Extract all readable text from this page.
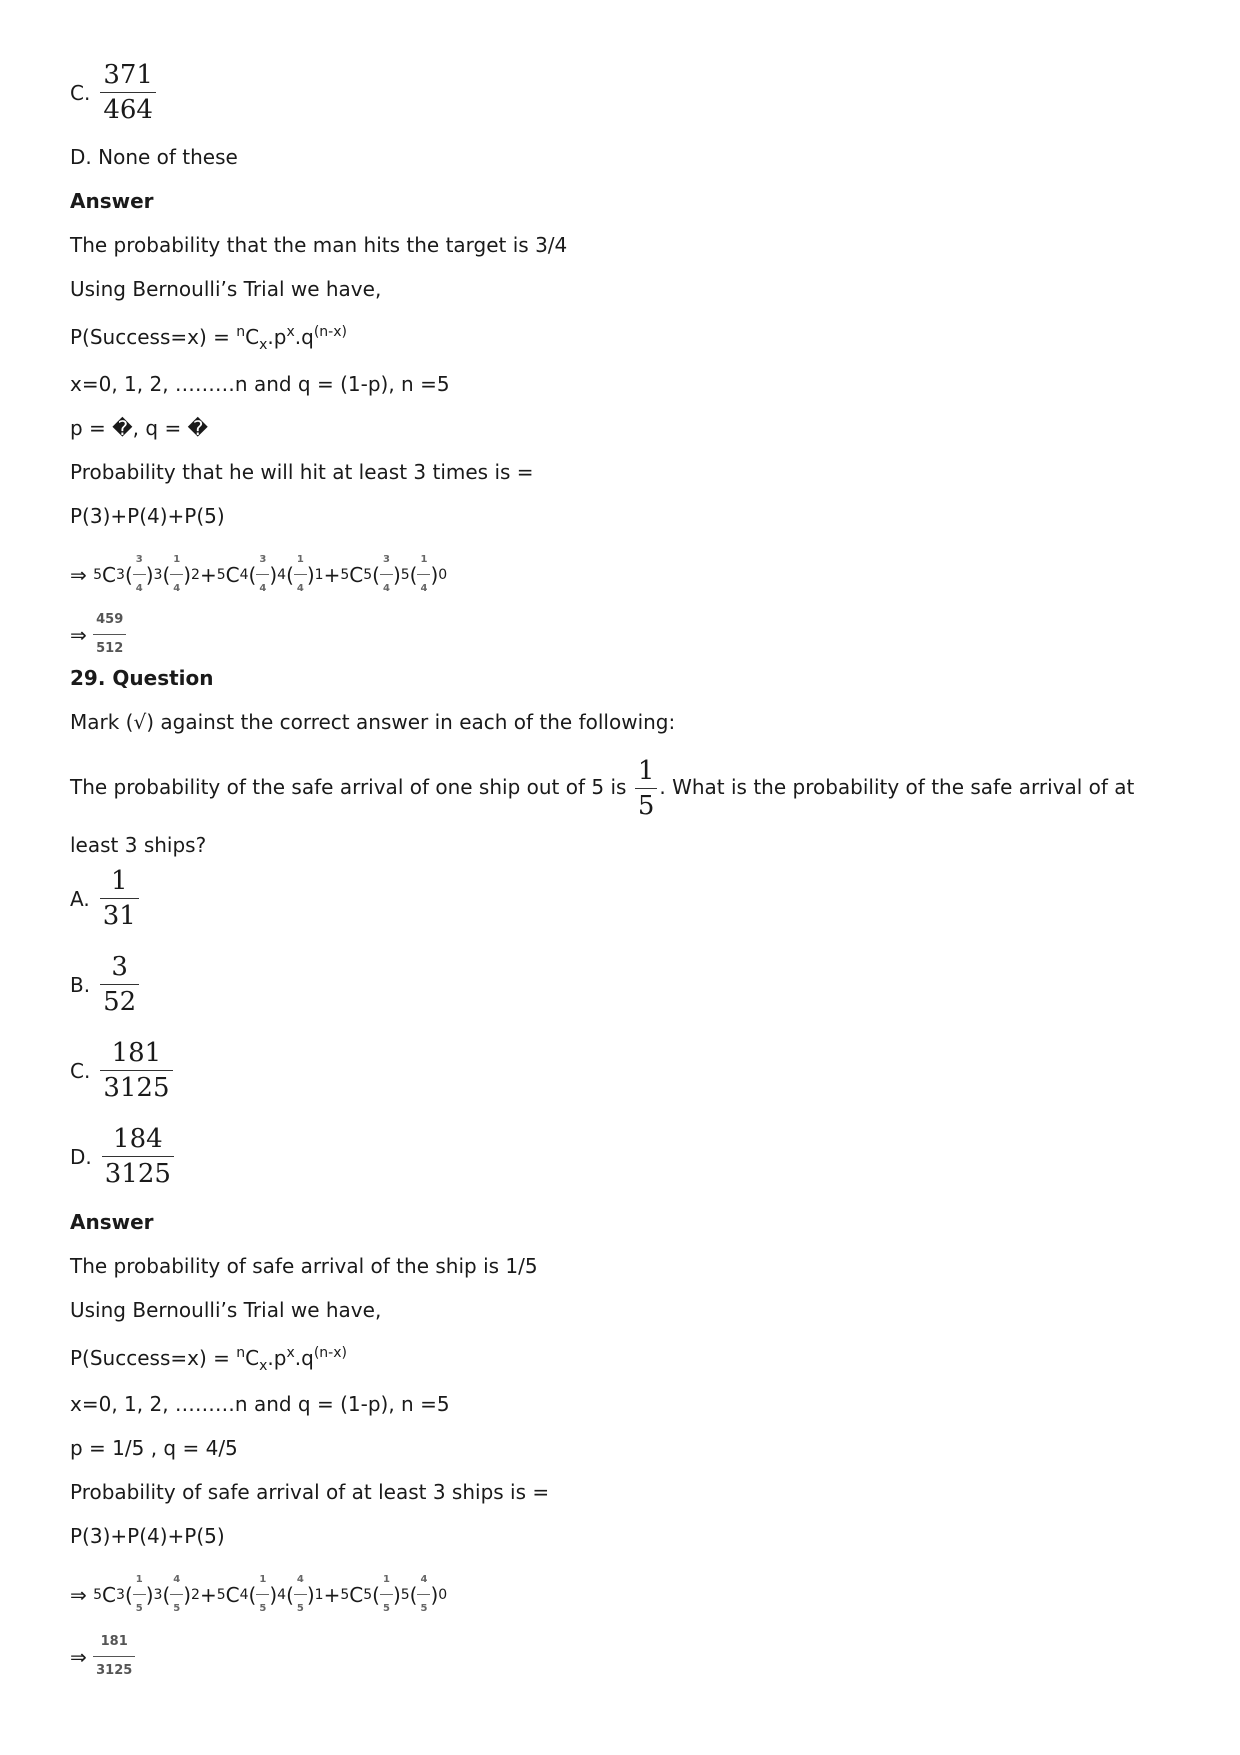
C. $\frac{371}{464}$
D. None of these
Answer
The probability that the man hits the target is 3/4
Using Bernoulli’s Trial we have,
P(Success=x) = $^nC_x.p^x.q^{(n-x)}$
x=0, 1, 2, ………n and q = (1-p), n =5
p = �, q = �
Probability that he will hit at least 3 times is =
P(3)+P(4)+P(5)
⇒
5 C 3 ( $\frac{3}{4}$ ) 3 ( $\frac{1}{4}$ ) 2 + 5 C 4 ( $\frac{3}{4}$ ) 4 ( $\frac{1}{4}$ ) 1 + 5 C 5 ( $\frac{3}{4}$ ) 5 ( $\frac{1}{4}$ ) 0
⇒
$\frac{459}{512}$
29. Question
Mark (√) against the correct answer in each of the following:
The probability of the safe arrival of one ship out of 5 is $\frac{1}{5}$ . What is the probability of the safe arrival of at least 3 ships?
A. $\frac{1}{31}$
B. $\frac{3}{52}$
C. $\frac{181}{3125}$
D. $\frac{184}{3125}$
Answer
The probability of safe arrival of the ship is 1/5
Using Bernoulli’s Trial we have,
P(Success=x) = $^nC_x.p^x.q^{(n-x)}$
x=0, 1, 2, ………n and q = (1-p), n =5
p = 1/5 , q = 4/5
Probability of safe arrival of at least 3 ships is =
P(3)+P(4)+P(5)
⇒
5 C 3 ( $\frac{1}{5}$ ) 3 ( $\frac{4}{5}$ ) 2 + 5 C 4 ( $\frac{1}{5}$ ) 4 ( $\frac{4}{5}$ ) 1 + 5 C 5 ( $\frac{1}{5}$ ) 5 ( $\frac{4}{5}$ ) 0
⇒
$\frac{181}{3125}$
